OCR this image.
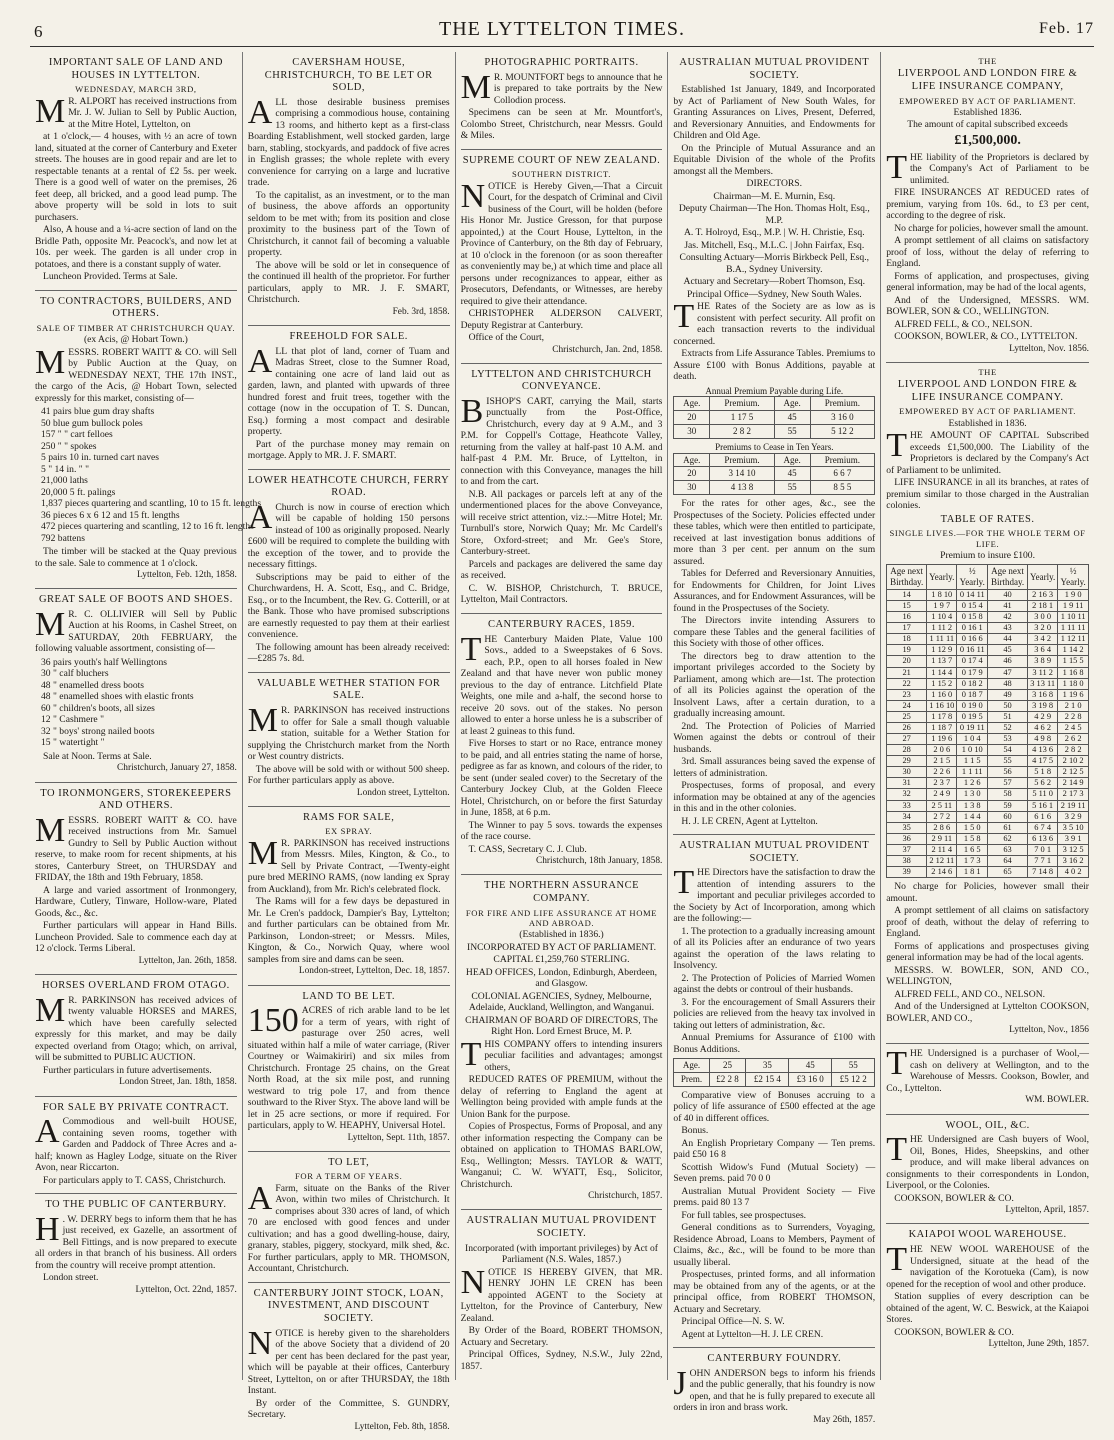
6	THE LYTTELTON TIMES.	Feb. 17
IMPORTANT SALE OF LAND AND HOUSES IN LYTTELTON.
WEDNESDAY, MARCH 3RD,
M R. ALPORT has received instructions from Mr. J. W. Julian to Sell by Public Auction, at the Mitre Hotel, Lyttelton, on
at 1 o'clock,— 4 houses, with ½ an acre of town land, situated at the corner of Canterbury and Exeter streets. The houses are in good repair and are let to respectable tenants at a rental of £2 5s. per week. There is a good well of water on the premises, 26 feet deep, all bricked, and a good lead pump. The above property will be sold in lots to suit purchasers.
Also, A house and a ¼-acre section of land on the Bridle Path, opposite Mr. Peacock's, and now let at 10s. per week. The garden is all under crop in potatoes, and there is a constant supply of water.
Luncheon Provided. Terms at Sale.
TO CONTRACTORS, BUILDERS, AND OTHERS.
SALE OF TIMBER AT CHRISTCHURCH QUAY.
(ex Acis, @ Hobart Town.)
MESSRS. ROBERT WAITT & CO. will Sell by Public Auction at the Quay, on WEDNESDAY NEXT, THE 17th INST., the cargo of the Acis, @ Hobart Town, selected expressly for this market, consisting of—
41 pairs blue gum dray shafts
50 blue gum bullock poles
157 " " cart felloes
250 " " spokes
5 pairs 10 in. turned cart naves
5 " 14 in. " "
21,000 laths
20,000 5 ft. palings
1,837 pieces quartering and scantling, 10 to 15 ft. lengths
36 pieces 6 x 6 12 and 15 ft. lengths
472 pieces quartering and scantling, 12 to 16 ft. lengths
792 battens
The timber will be stacked at the Quay previous to the sale. Sale to commence at 1 o'clock.
Lyttelton, Feb. 12th, 1858.
GREAT SALE OF BOOTS AND SHOES.
M R. C. OLLIVIER will Sell by Public Auction at his Rooms, in Cashel Street, on SATURDAY, 20th FEBRUARY, the following valuable assortment, consisting of—
36 pairs youth's half Wellingtons
30 " calf bluchers
48 " enamelled dress boots
48 " enamelled shoes with elastic fronts
60 " children's boots, all sizes
12 " Cashmere "
32 " boys' strong nailed boots
15 " watertight "
Sale at Noon. Terms at Sale.
Christchurch, January 27, 1858.
TO IRONMONGERS, STOREKEEPERS AND OTHERS.
MESSRS. ROBERT WAITT & CO. have received instructions from Mr. Samuel Gundry to Sell by Public Auction without reserve, to make room for recent shipments, at his stores, Canterbury Street, on THURSDAY and FRIDAY, the 18th and 19th February, 1858.
A large and varied assortment of Ironmongery, Hardware, Cutlery, Tinware, Hollow-ware, Plated Goods, &c., &c.
Further particulars will appear in Hand Bills. Luncheon Provided. Sale to commence each day at 12 o'clock. Terms Liberal.
Lyttelton, Jan. 26th, 1858.
HORSES OVERLAND FROM OTAGO.
M R. PARKINSON has received advices of twenty valuable HORSES and MARES, which have been carefully selected expressly for this market, and may be daily expected overland from Otago; which, on arrival, will be submitted to PUBLIC AUCTION.
Further particulars in future advertisements.
London Street, Jan. 18th, 1858.
FOR SALE BY PRIVATE CONTRACT.
A Commodious and well-built HOUSE, containing seven rooms, together with Garden and Paddock of Three Acres and a-half; known as Hagley Lodge, situate on the River Avon, near Riccarton.
For particulars apply to T. CASS, Christchurch.
TO THE PUBLIC OF CANTERBURY.
H . W. DERRY begs to inform them that he has just received, ex Gazelle, an assortment of Bell Fittings, and is now prepared to execute all orders in that branch of his business. All orders from the country will receive prompt attention.
London street.
Lyttelton, Oct. 22nd, 1857.
CAVERSHAM HOUSE, CHRISTCHURCH, TO BE LET OR SOLD,
ALL those desirable business premises comprising a commodious house, containing 13 rooms, and hitherto kept as a first-class Boarding Establishment, well stocked garden, large barn, stabling, stockyards, and paddock of five acres in English grasses; the whole replete with every convenience for carrying on a large and lucrative trade.
To the capitalist, as an investment, or to the man of business, the above affords an opportunity seldom to be met with; from its position and close proximity to the business part of the Town of Christchurch, it cannot fail of becoming a valuable property.
The above will be sold or let in consequence of the continued ill health of the proprietor. For further particulars, apply to MR. J. F. SMART, Christchurch.
Feb. 3rd, 1858.
FREEHOLD FOR SALE.
ALL that plot of land, corner of Tuam and Madras Street, close to the Sumner Road, containing one acre of land laid out as garden, lawn, and planted with upwards of three hundred forest and fruit trees, together with the cottage (now in the occupation of T. S. Duncan, Esq.) forming a most compact and desirable property.
Part of the purchase money may remain on mortgage. Apply to MR. J. F. SMART.
LOWER HEATHCOTE CHURCH, FERRY ROAD.
A Church is now in course of erection which will be capable of holding 150 persons instead of 100 as originally proposed. Nearly £600 will be required to complete the building with the exception of the tower, and to provide the necessary fittings.
Subscriptions may be paid to either of the Churchwardens, H. A. Scott, Esq., and C. Bridge, Esq., or to the Incumbent, the Rev. G. Cotterill, or at the Bank. Those who have promised subscriptions are earnestly requested to pay them at their earliest convenience.
The following amount has been already received:—£285 7s. 8d.
VALUABLE WETHER STATION FOR SALE.
M R. PARKINSON has received instructions to offer for Sale a small though valuable station, suitable for a Wether Station for supplying the Christchurch market from the North or West country districts.
The above will be sold with or without 500 sheep. For further particulars apply as above.
London street, Lyttelton.
RAMS FOR SALE,
EX SPRAY.
M R. PARKINSON has received instructions from Messrs. Miles, Kington, & Co., to Sell by Private Contract, —Twenty-eight pure bred MERINO RAMS, (now landing ex Spray from Auckland), from Mr. Rich's celebrated flock.
The Rams will for a few days be depastured in Mr. Le Cren's paddock, Dampier's Bay, Lyttelton; and further particulars can be obtained from Mr. Parkinson, London-street; or Messrs. Miles, Kington, & Co., Norwich Quay, where wool samples from sire and dams can be seen.
London-street, Lyttelton, Dec. 18, 1857.
LAND TO BE LET.
150 ACRES of rich arable land to be let for a term of years, with right of pasturage over 250 acres, well situated within half a mile of water carriage, (River Courtney or Waimakiriri) and six miles from Christchurch. Frontage 25 chains, on the Great North Road, at the six mile post, and running westward to trig pole 17, and from thence southward to the River Styx. The above land will be let in 25 acre sections, or more if required. For particulars, apply to W. HEAPHY, Universal Hotel.
Lyttelton, Sept. 11th, 1857.
TO LET,
FOR A TERM OF YEARS.
A Farm, situate on the Banks of the River Avon, within two miles of Christchurch. It comprises about 330 acres of land, of which 70 are enclosed with good fences and under cultivation; and has a good dwelling-house, dairy, granary, stables, piggery, stockyard, milk shed, &c. For further particulars, apply to MR. THOMSON, Accountant, Christchurch.
CANTERBURY JOINT STOCK, LOAN, INVESTMENT, AND DISCOUNT SOCIETY.
NOTICE is hereby given to the shareholders of the above Society that a dividend of 20 per cent has been declared for the past year, which will be payable at their offices, Canterbury Street, Lyttelton, on or after THURSDAY, the 18th Instant.
By order of the Committee, S. GUNDRY, Secretary.
Lyttelton, Feb. 8th, 1858.
PHOTOGRAPHIC PORTRAITS.
M R. MOUNTFORT begs to announce that he is prepared to take portraits by the New Collodion process.
Specimens can be seen at Mr. Mountfort's, Colombo Street, Christchurch, near Messrs. Gould & Miles.
SUPREME COURT OF NEW ZEALAND.
SOUTHERN DISTRICT.
NOTICE is Hereby Given,—That a Circuit Court, for the despatch of Criminal and Civil business of the Court, will be holden (before His Honor Mr. Justice Gresson, for that purpose appointed,) at the Court House, Lyttelton, in the Province of Canterbury, on the 8th day of February, at 10 o'clock in the forenoon (or as soon thereafter as conveniently may be,) at which time and place all persons under recognizances to appear, either as Prosecutors, Defendants, or Witnesses, are hereby required to give their attendance.
CHRISTOPHER ALDERSON CALVERT, Deputy Registrar at Canterbury.
Office of the Court,
Christchurch, Jan. 2nd, 1858.
LYTTELTON AND CHRISTCHURCH CONVEYANCE.
BISHOP'S CART, carrying the Mail, starts punctually from the Post-Office, Christchurch, every day at 9 A.M., and 3 P.M. for Coppell's Cottage, Heathcote Valley, returning from the valley at half-past 10 A.M. and half-past 4 P.M. Mr. Bruce, of Lyttelton, in connection with this Conveyance, manages the hill to and from the cart.
N.B. All packages or parcels left at any of the undermentioned places for the above Conveyance, will receive strict attention, viz.:—Mitre Hotel; Mr. Turnbull's store, Norwich Quay; Mr. Mc Cardell's Store, Oxford-street; and Mr. Gee's Store, Canterbury-street.
Parcels and packages are delivered the same day as received.
C. W. BISHOP, Christchurch, T. BRUCE, Lyttelton, Mail Contractors.
CANTERBURY RACES, 1859.
THE Canterbury Maiden Plate, Value 100 Sovs., added to a Sweepstakes of 6 Sovs. each, P.P., open to all horses foaled in New Zealand and that have never won public money previous to the day of entrance. Litchfield Plate Weights, one mile and a-half, the second horse to receive 20 sovs. out of the stakes. No person allowed to enter a horse unless he is a subscriber of at least 2 guineas to this fund.
Five Horses to start or no Race, entrance money to be paid, and all entries stating the name of horse, pedigree as far as known, and colours of the rider, to be sent (under sealed cover) to the Secretary of the Canterbury Jockey Club, at the Golden Fleece Hotel, Christchurch, on or before the first Saturday in June, 1858, at 6 p.m.
The Winner to pay 5 sovs. towards the expenses of the race course.
T. CASS, Secretary C. J. Club.
Christchurch, 18th January, 1858.
THE NORTHERN ASSURANCE COMPANY.
FOR FIRE AND LIFE ASSURANCE AT HOME AND ABROAD.
(Established in 1836.)
INCORPORATED BY ACT OF PARLIAMENT.
CAPITAL £1,259,760 STERLING.
HEAD OFFICES, London, Edinburgh, Aberdeen, and Glasgow.
COLONIAL AGENCIES, Sydney, Melbourne, Adelaide, Auckland, Wellington, and Wanganui.
CHAIRMAN OF BOARD OF DIRECTORS, The Right Hon. Lord Ernest Bruce, M. P.
THIS COMPANY offers to intending insurers peculiar facilities and advantages; amongst others,
REDUCED RATES OF PREMIUM, without the delay of referring to England the agent at Wellington being provided with ample funds at the Union Bank for the purpose.
Copies of Prospectus, Forms of Proposal, and any other information respecting the Company can be obtained on application to THOMAS BARLOW, Esq., Wellington; Messrs. TAYLOR & WATT, Wanganui; C. W. WYATT, Esq., Solicitor, Christchurch.
Christchurch, 1857.
AUSTRALIAN MUTUAL PROVIDENT SOCIETY.
Incorporated (with important privileges) by Act of Parliament (N.S. Wales, 1857.)
NOTICE IS HEREBY GIVEN, that MR. HENRY JOHN LE CREN has been appointed AGENT to the Society at Lyttelton, for the Province of Canterbury, New Zealand.
By Order of the Board, ROBERT THOMSON, Actuary and Secretary.
Principal Offices, Sydney, N.S.W., July 22nd, 1857.
AUSTRALIAN MUTUAL PROVIDENT SOCIETY.
Established 1st January, 1849, and Incorporated by Act of Parliament of New South Wales, for Granting Assurances on Lives, Present, Deferred, and Reversionary Annuities, and Endowments for Children and Old Age.
On the Principle of Mutual Assurance and an Equitable Division of the whole of the Profits amongst all the Members.
DIRECTORS.
Chairman—M. E. Murnin, Esq.
Deputy Chairman—The Hon. Thomas Holt, Esq., M.P.
A. T. Holroyd, Esq., M.P. | W. H. Christie, Esq.
Jas. Mitchell, Esq., M.L.C. | John Fairfax, Esq.
Consulting Actuary—Morris Birkbeck Pell, Esq., B.A., Sydney University.
Actuary and Secretary—Robert Thomson, Esq.
Principal Office—Sydney, New South Wales.
THE Rates of the Society are as low as is consistent with perfect security. All profit on each transaction reverts to the individual concerned.
Extracts from Life Assurance Tables. Premiums to Assure £100 with Bonus Additions, payable at death.
Annual Premium Payable during Life.
Age.	Premium.	Age.	Premium.
20	1 17 5	45	3 16 0
30	2 8 2	55	5 12 2
Premiums to Cease in Ten Years.
Age.	Premium.	Age.	Premium.
20	3 14 10	45	6 6 7
30	4 13 8	55	8 5 5
For the rates for other ages, &c., see the Prospectuses of the Society. Policies effected under these tables, which were then entitled to participate, received at last investigation bonus additions of more than 3 per cent. per annum on the sum assured.
Tables for Deferred and Reversionary Annuities, for Endowments for Children, for Joint Lives Assurances, and for Endowment Assurances, will be found in the Prospectuses of the Society.
The Directors invite intending Assurers to compare these Tables and the general facilities of this Society with those of other offices.
The directors beg to draw attention to the important privileges accorded to the Society by Parliament, among which are—1st. The protection of all its Policies against the operation of the Insolvent Laws, after a certain duration, to a gradually increasing amount.
2nd. The Protection of Policies of Married Women against the debts or controul of their husbands.
3rd. Small assurances being saved the expense of letters of administration.
Prospectuses, forms of proposal, and every information may be obtained at any of the agencies in this and in the other colonies.
H. J. LE CREN, Agent at Lyttelton.
AUSTRALIAN MUTUAL PROVIDENT SOCIETY.
THE Directors have the satisfaction to draw the attention of intending assurers to the important and peculiar privileges accorded to the Society by Act of Incorporation, among which are the following:—
1. The protection to a gradually increasing amount of all its Policies after an endurance of two years against the operation of the laws relating to Insolvency.
2. The Protection of Policies of Married Women against the debts or controul of their husbands.
3. For the encouragement of Small Assurers their policies are relieved from the heavy tax involved in taking out letters of administration, &c.
Annual Premiums for Assurance of £100 with Bonus Additions.
Age.	25	35	45	55
Prem.	£2 2 8	£2 15 4	£3 16 0	£5 12 2
Comparative view of Bonuses accruing to a policy of life assurance of £500 effected at the age of 40 in different offices.
Bonus.
An English Proprietary Company — Ten prems. paid £50 16 8
Scottish Widow's Fund (Mutual Society) — Seven prems. paid 70 0 0
Australian Mutual Provident Society — Five prems. paid 80 13 7
For full tables, see prospectuses.
General conditions as to Surrenders, Voyaging, Residence Abroad, Loans to Members, Payment of Claims, &c., &c., will be found to be more than usually liberal.
Prospectuses, printed forms, and all information may be obtained from any of the agents, or at the principal office, from ROBERT THOMSON, Actuary and Secretary.
Principal Office—N. S. W.
Agent at Lyttelton—H. J. LE CREN.
CANTERBURY FOUNDRY.
JOHN ANDERSON begs to inform his friends and the public generally, that his foundry is now open, and that he is fully prepared to execute all orders in iron and brass work.
May 26th, 1857.
THE
LIVERPOOL AND LONDON FIRE & LIFE INSURANCE COMPANY,
EMPOWERED BY ACT OF PARLIAMENT.
Established 1836.
The amount of capital subscribed exceeds
£1,500,000.
THE liability of the Proprietors is declared by the Company's Act of Parliament to be unlimited.
FIRE INSURANCES AT REDUCED rates of premium, varying from 10s. 6d., to £3 per cent, according to the degree of risk.
No charge for policies, however small the amount.
A prompt settlement of all claims on satisfactory proof of loss, without the delay of referring to England.
Forms of application, and prospectuses, giving general information, may be had of the local agents,
And of the Undersigned, MESSRS. WM. BOWLER, SON & CO., WELLINGTON.
ALFRED FELL, & CO., NELSON.
COOKSON, BOWLER, & CO., LYTTELTON.
Lyttelton, Nov. 1856.
THE
LIVERPOOL AND LONDON FIRE & LIFE INSURANCE COMPANY.
EMPOWERED BY ACT OF PARLIAMENT.
Established in 1836.
THE AMOUNT OF CAPITAL Subscribed exceeds £1,500,000. The Liability of the Proprietors is declared by the Company's Act of Parliament to be unlimited.
LIFE INSURANCE in all its branches, at rates of premium similar to those charged in the Australian colonies.
TABLE OF RATES.
SINGLE LIVES.—FOR THE WHOLE TERM OF LIFE.
Premium to insure £100.
Age next Birthday.	Yearly.	½ Yearly.	Age next Birthday.	Yearly.	½ Yearly.
14	1 8 10	0 14 11	40	2 16 3	1 9 0
15	1 9 7	0 15 4	41	2 18 1	1 9 11
16	1 10 4	0 15 8	42	3 0 0	1 10 11
17	1 11 2	0 16 1	43	3 2 0	1 11 11
18	1 11 11	0 16 6	44	3 4 2	1 12 11
19	1 12 9	0 16 11	45	3 6 4	1 14 2
20	1 13 7	0 17 4	46	3 8 9	1 15 5
21	1 14 4	0 17 9	47	3 11 2	1 16 8
22	1 15 2	0 18 2	48	3 13 11	1 18 0
23	1 16 0	0 18 7	49	3 16 8	1 19 6
24	1 16 10	0 19 0	50	3 19 8	2 1 0
25	1 17 8	0 19 5	51	4 2 9	2 2 8
26	1 18 7	0 19 11	52	4 6 2	2 4 5
27	1 19 6	1 0 4	53	4 9 8	2 6 2
28	2 0 6	1 0 10	54	4 13 6	2 8 2
29	2 1 5	1 1 5	55	4 17 5	2 10 2
30	2 2 6	1 1 11	56	5 1 8	2 12 5
31	2 3 7	1 2 6	57	5 6 2	2 14 9
32	2 4 9	1 3 0	58	5 11 0	2 17 3
33	2 5 11	1 3 8	59	5 16 1	2 19 11
34	2 7 2	1 4 4	60	6 1 6	3 2 9
35	2 8 6	1 5 0	61	6 7 4	3 5 10
36	2 9 11	1 5 8	62	6 13 6	3 9 1
37	2 11 4	1 6 5	63	7 0 1	3 12 5
38	2 12 11	1 7 3	64	7 7 1	3 16 2
39	2 14 6	1 8 1	65	7 14 8	4 0 2
No charge for Policies, however small their amount.
A prompt settlement of all claims on satisfactory proof of death, without the delay of referring to England.
Forms of applications and prospectuses giving general information may be had of the local agents.
MESSRS. W. BOWLER, SON, AND CO., WELLINGTON,
ALFRED FELL, AND CO., NELSON.
And of the Undersigned at Lyttelton COOKSON, BOWLER, AND CO.,
Lyttelton, Nov., 1856
THE Undersigned is a purchaser of Wool,—cash on delivery at Wellington, and to the Warehouse of Messrs. Cookson, Bowler, and Co., Lyttelton.
WM. BOWLER.
WOOL, OIL, &C.
THE Undersigned are Cash buyers of Wool, Oil, Bones, Hides, Sheepskins, and other produce, and will make liberal advances on consignments to their correspondents in London, Liverpool, or the Colonies.
COOKSON, BOWLER & CO.
Lyttelton, April, 1857.
KAIAPOI WOOL WAREHOUSE.
THE NEW WOOL WAREHOUSE of the Undersigned, situate at the head of the navigation of the Korotueka (Cam), is now opened for the reception of wool and other produce.
Station supplies of every description can be obtained of the agent, W. C. Beswick, at the Kaiapoi Stores.
COOKSON, BOWLER & CO.
Lyttelton, June 29th, 1857.
